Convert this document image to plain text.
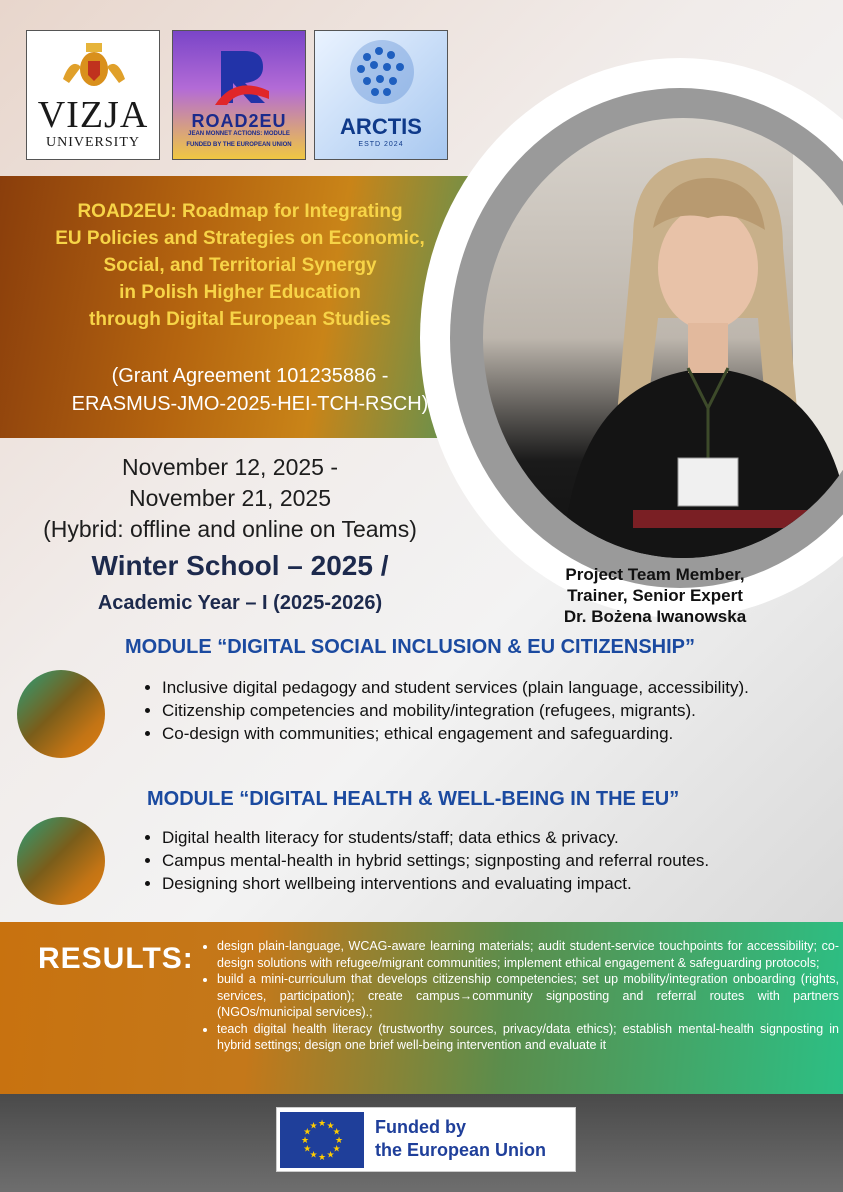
VIZJA
UNIVERSITY
ROAD2EU
JEAN MONNET ACTIONS: MODULE
FUNDED BY THE EUROPEAN UNION
ARCTIS
ESTD 2024
ROAD2EU: Roadmap for Integrating
EU Policies and Strategies on Economic,
Social, and Territorial Synergy
in Polish Higher Education
through Digital European Studies
(Grant Agreement 101235886 -
ERASMUS-JMO-2025-HEI-TCH-RSCH)
November 12, 2025 -
November 21, 2025
(Hybrid: offline and online on Teams)
Winter School – 2025 /
Academic Year – I (2025-2026)
Project Team Member,
Trainer, Senior Expert
Dr. Bożena Iwanowska
MODULE “DIGITAL SOCIAL INCLUSION & EU CITIZENSHIP”
• Inclusive digital pedagogy and student services (plain language, accessibility).
• Citizenship competencies and mobility/integration (refugees, migrants).
• Co-design with communities; ethical engagement and safeguarding.
MODULE “DIGITAL HEALTH & WELL-BEING IN THE EU”
• Digital health literacy for students/staff; data ethics & privacy.
• Campus mental-health in hybrid settings; signposting and referral routes.
• Designing short wellbeing interventions and evaluating impact.
RESULTS:
• design plain-language, WCAG-aware learning materials; audit student-service touchpoints for accessibility; co-design solutions with refugee/migrant communities; implement ethical engagement & safeguarding protocols;
• build a mini-curriculum that develops citizenship competencies; set up mobility/integration onboarding (rights, services, participation); create campus→community signposting and referral routes with partners (NGOs/municipal services).;
• teach digital health literacy (trustworthy sources, privacy/data ethics); establish mental-health signposting in hybrid settings; design one brief well-being intervention and evaluate it
★
★
★
★
★
★
★
★
★ ★ ★
★ Funded by
the European Union
